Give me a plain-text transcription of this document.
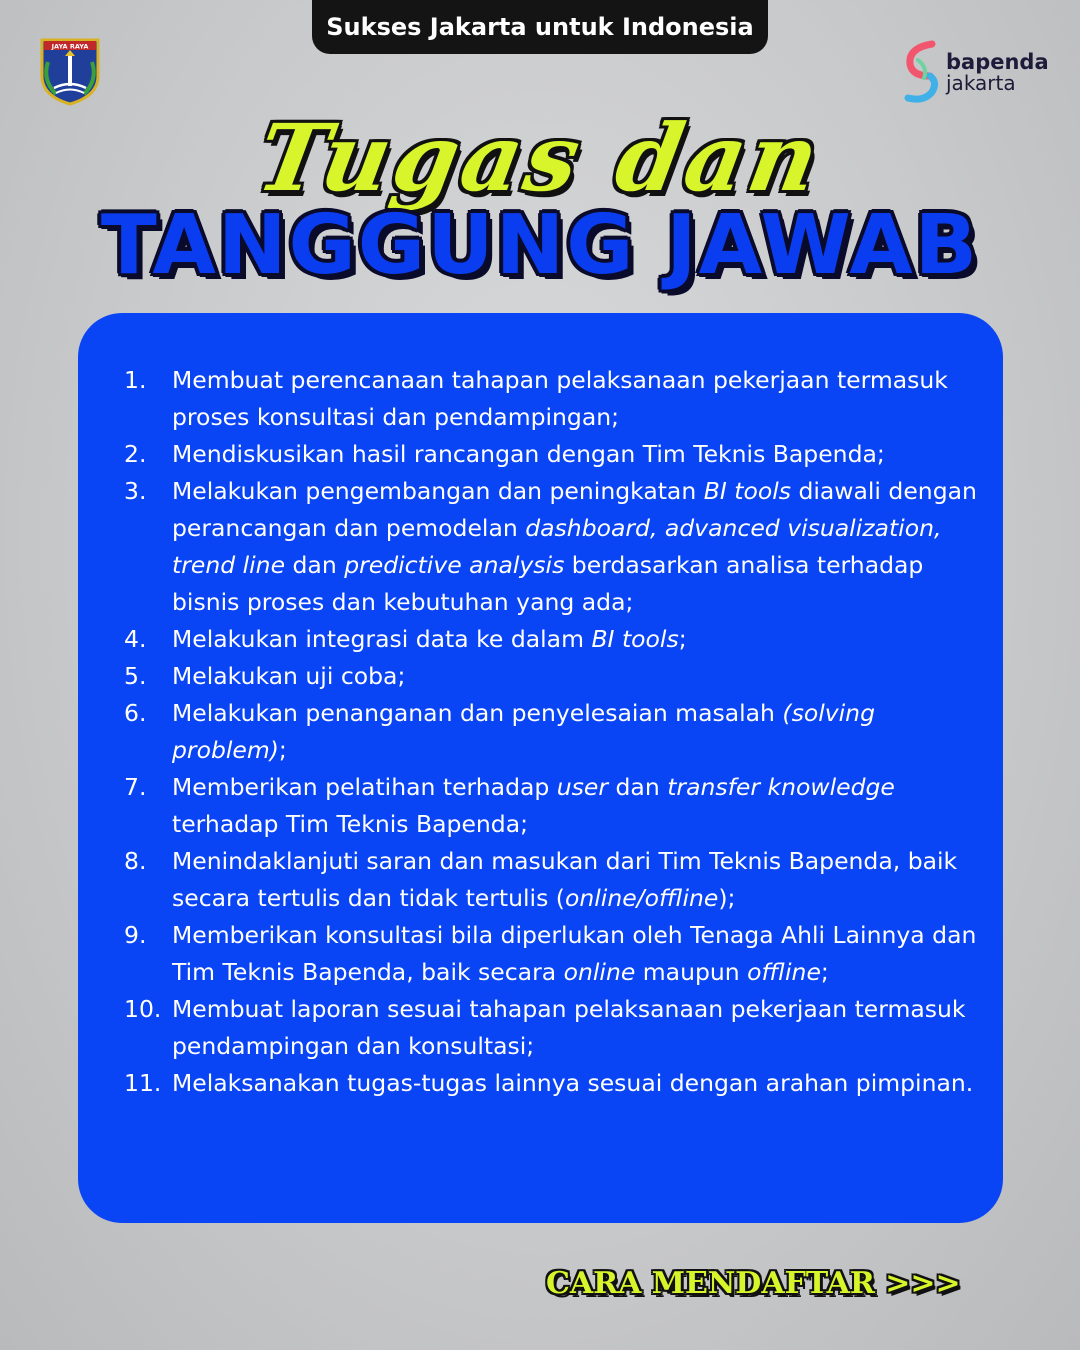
Sukses Jakarta untuk Indonesia
JAYA RAYA
bapenda
jakarta
Tugas dan
TANGGUNG JAWAB
1.	Membuat perencanaan tahapan pelaksanaan pekerjaan termasuk proses konsultasi dan pendampingan;
2.	Mendiskusikan hasil rancangan dengan Tim Teknis Bapenda;
3.	Melakukan pengembangan dan peningkatan BI tools diawali dengan perancangan dan pemodelan dashboard, advanced visualization, trend line dan predictive analysis berdasarkan analisa terhadap bisnis proses dan kebutuhan yang ada;
4.	Melakukan integrasi data ke dalam BI tools;
5.	Melakukan uji coba;
6.	Melakukan penanganan dan penyelesaian masalah (solving problem);
7.	Memberikan pelatihan terhadap user dan transfer knowledge terhadap Tim Teknis Bapenda;
8.	Menindaklanjuti saran dan masukan dari Tim Teknis Bapenda, baik secara tertulis dan tidak tertulis (online/offline);
9.	Memberikan konsultasi bila diperlukan oleh Tenaga Ahli Lainnya dan Tim Teknis Bapenda, baik secara online maupun offline;
10. Membuat laporan sesuai tahapan pelaksanaan pekerjaan termasuk pendampingan dan konsultasi;
11. Melaksanakan tugas-tugas lainnya sesuai dengan arahan pimpinan.
CARA MENDAFTAR >>>
